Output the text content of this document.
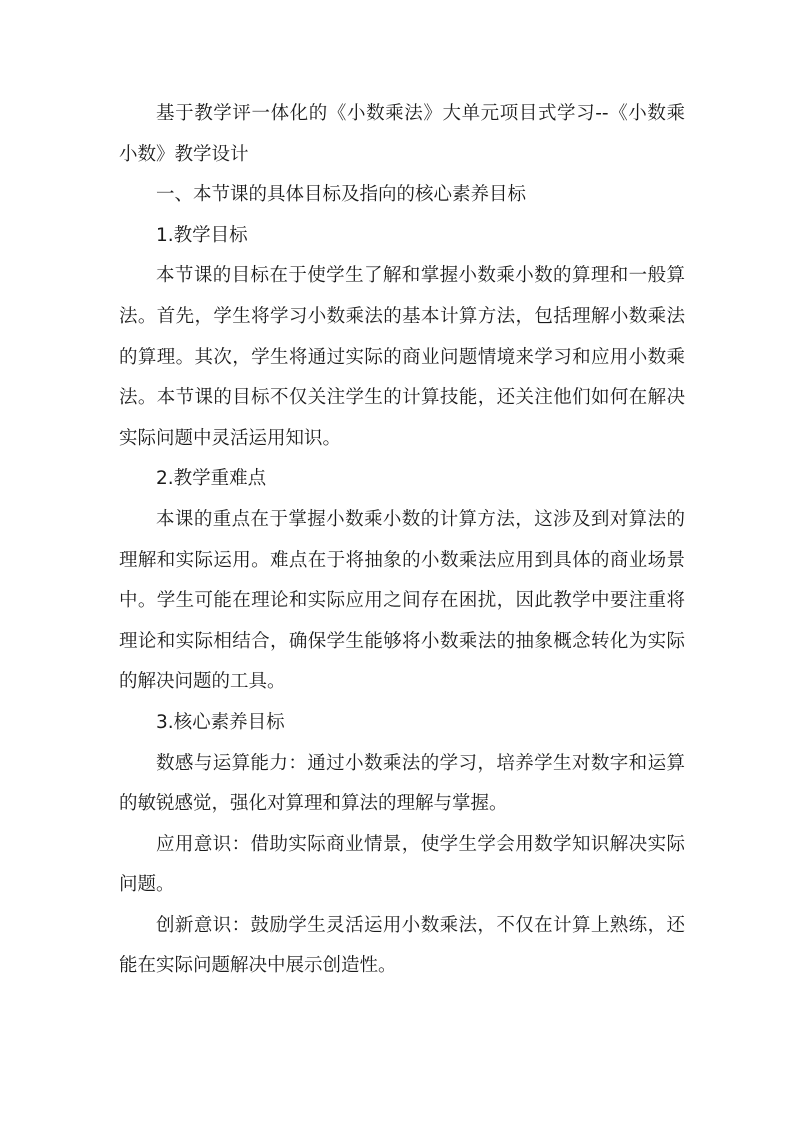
基于教学评一体化的《小数乘法》大单元项目式学习--《小数乘小数》教学设计

一、本节课的具体目标及指向的核心素养目标

1.教学目标

本节课的目标在于使学生了解和掌握小数乘小数的算理和一般算法。首先，学生将学习小数乘法的基本计算方法，包括理解小数乘法的算理。其次，学生将通过实际的商业问题情境来学习和应用小数乘法。本节课的目标不仅关注学生的计算技能，还关注他们如何在解决实际问题中灵活运用知识。

2.教学重难点

本课的重点在于掌握小数乘小数的计算方法，这涉及到对算法的理解和实际运用。难点在于将抽象的小数乘法应用到具体的商业场景中。学生可能在理论和实际应用之间存在困扰，因此教学中要注重将理论和实际相结合，确保学生能够将小数乘法的抽象概念转化为实际的解决问题的工具。

3.核心素养目标

数感与运算能力：通过小数乘法的学习，培养学生对数字和运算的敏锐感觉，强化对算理和算法的理解与掌握。

应用意识：借助实际商业情景，使学生学会用数学知识解决实际问题。

创新意识：鼓励学生灵活运用小数乘法，不仅在计算上熟练，还能在实际问题解决中展示创造性。
